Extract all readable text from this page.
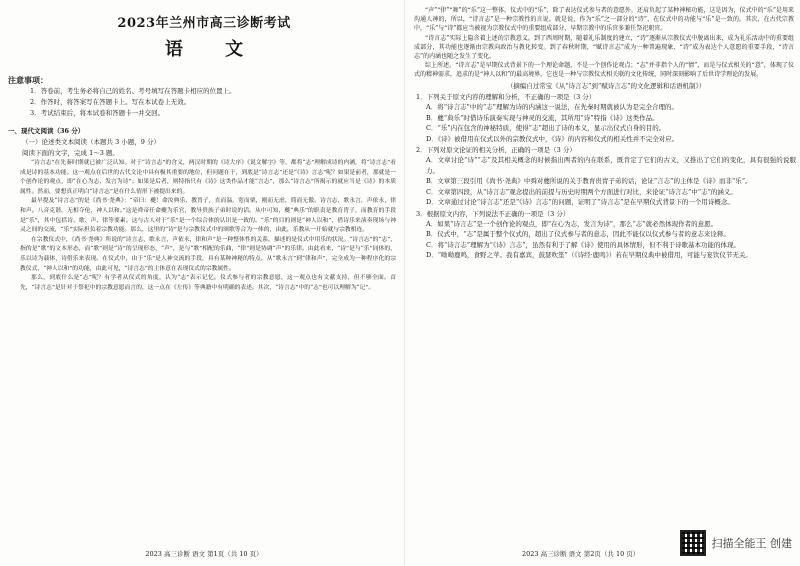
2023年兰州市高三诊断考试
语 文
注意事项：
1．答卷前，考生务必将自己的姓名、考号填写在答题卡相应的位置上。
2．作答时，将答案写在答题卡上。写在本试卷上无效。
3．考试结束后，将本试卷和答题卡一并交回。
一、现代文阅读（36 分）
（一）论述类文本阅读（本题共 3 小题，9 分）
阅读下面的文字，完成 1～3 题。

“诗言志”在先秦时期就已被广泛认知。对于“诗言志”的含义，两汉时期的《诗大序》《说文解字》等，都将“志”理解成诗的内涵，将“诗言志”看成是诗的基本功能。这一观点在后世的古代文论中具有极其重要的地位，但问题在于，到底是“诗言志”还是“《诗》言志”呢？如果是前者，那就是一个创作论的观点，即“在心为志，发言为诗”；如果是后者，则特指只有《诗》这类作品才能“言志”，那么“诗言志”所揭示的就应当是《诗》的本质属性。然而，要想真正明白“诗言志”是在什么情形下被提出来的。

最早提及“诗言志”的是《尚书·尧典》：“帝曰：夔！命汝典乐，教胄子，直而温，宽而栗，刚而无虐，简而无傲。诗言志，歌永言，声依永，律和声。八音克谐，无相夺伦，神人以和。”这是舜帝任命夔为乐官，教导贵族子弟时说的话。从中可知，夔“典乐”的职责是教育胄子，而教育的手段是“乐”，其中包括诗、歌、声、律等要素。这与古人对于“乐”是一个综合体的认识是一致的。“乐”的目的则是“神人以和”，借诗乐来演奏现场与神灵之间的交流，“乐”实际担负着宗教功能。那么，这里的“诗”是与宗教仪式中的颂歌等合为一体的，由此，乐教从一开始就与宗教相连。

在宗教仪式中，《尚书·尧典》所说的“诗言志，歌永言，声依永，律和声”是一种整体性的关系，描述的是仪式中用乐的状况。“诗言志”的“志”，指的是“歌”的文本形态，而“歌”则是“诗”的呈现形态，“声”，是与“歌”相配的乐曲，“律”则是协调“声”的乐律。由此看来，“诗”是与“乐”同体的，乐以诗为载体，诗借乐来表现。在仪式中，由于“乐”是人神交流的手段，具有某种神秘的特点。从“歌永言”到“律和声”，完全成为一种程序化的宗教仪式，“神人以和”的功能，由此可见，“诗言志”的主体意在表现仪式的宗教属性。

那么，到底什么是“志”呢？有学者从仪式的角度，认为“志”表示记忆。仪式参与者的宗教意愿，这一观点也有文献支持，但不够全面。首先，“诗言志”是针对于祭祀中的宗教意愿而言的，这一点在《左传》等典籍中有明确的表述。其次，“诗言志”中的“志”也可以理解为“记”。

2023 高三诊断 语文 第1页（共 10 页）

“声”“律”“舞”的“乐”这一整体，仪式中的“乐”，除了表达仪式参与者的意愿外，还肩负起了某种神秘功能，这是因为，仪式中的“乐”是用来沟通人神的，所以，“诗言志”是一种宗教性的言说。就是说，作为“乐”之一部分的“诗”，在仪式中的功能与“乐”是一致的。其次，在古代宗教中，“乐”与“诗”都应当被视为宗教仪式中的重要组成部分，早期宗教中的乐官多兼任祭祀职官。

“诗言志”实际上隐含着上述的宗教意义。到了西周时期，随着礼乐制度的建立，“诗”逐渐从宗教仪式中脱离出来，成为礼乐活动中的重要组成部分，其功能也逐渐由宗教向政治与教化转变。到了春秋时期，“赋诗言志”成为一种普遍现象，“诗”成为表达个人意愿的重要手段，“诗言志”的内涵也随之发生了变化。

综上所述，“诗言志”是早期仪式背景下的一个理论命题，不是一个创作论观点；“志”并非指个人的“情”，而是与仪式相关的“意”，体现了仪式的精神需求，追求的是“神人以和”的最高境界，它也是一种与宗教仪式相关联的文化传统，同时深刻影响了后世诗学理论的发展。

（摘编自过常宝《从“诗言志”到“赋诗言志”的文化逻辑和话语机制》）
1．下列关于原文内容的理解和分析，不正确的一项是（3 分）
A．将“诗言志”中的“志”理解为诗的内涵这一说法，在先秦时期就被认为是完全合理的。
B．夔“典乐”时借诗乐演奏实现与神灵的交流，其所用“诗”特指《诗》这类作品。
C．“乐”内在包含的神秘特质，使得“志”超出了诗的本义，显示出仪式自身的目的。
D．《诗》被借用在仪式以外的宗教仪式中，《诗》的内容和仪式的相关性并不完全对应。
2．下列对原文论证的相关分析，正确的一项是（3 分）
A．文章讨论“诗”“志”及其相关概念的时候指出两者的内在联系，既肯定了它们的古义，又推出了它们的变化，具有很强的说服力。
B．文章第三段引用《尚书·尧典》中舜对夔所说的关于教育贵胄子弟的话，论证“言志”的主体是《诗》而非“乐”。
C．文章第四段，从“诗言志”观念提出的前提与历史时期两个方面进行对比，来论证“诗言志”中“志”的涵义。
D．文章通过讨论“诗言志”还是“《诗》言志”的问题，证明了“诗言志”是在早期仪式背景下的一个用诗概念。
3．根据原文内容，下列说法不正确的一项是（3 分）
A．如果“诗言志”是一个创作论的观点，即“在心为志，发言为诗”，那么“志”就必然体现作者的意愿。
B．仪式中，“志”是属于整个仪式的，超出了仪式参与者的意志，因此不能仅以仪式参与者的意志来诠释。
C．将“诗言志”理解为“《诗》言志”，虽然有利于了解《诗》使用的具体情形，但不利于诗歌基本功能的体现。
D．“呦呦鹿鸣，食野之苹。我有嘉宾，鼓瑟吹笙”（《诗经·鹿鸣》）若在早期仪典中被借用，可能与宴饮仪节无关。
2023 高三诊断 语文 第2页（共 10 页）
扫描全能王 创建
